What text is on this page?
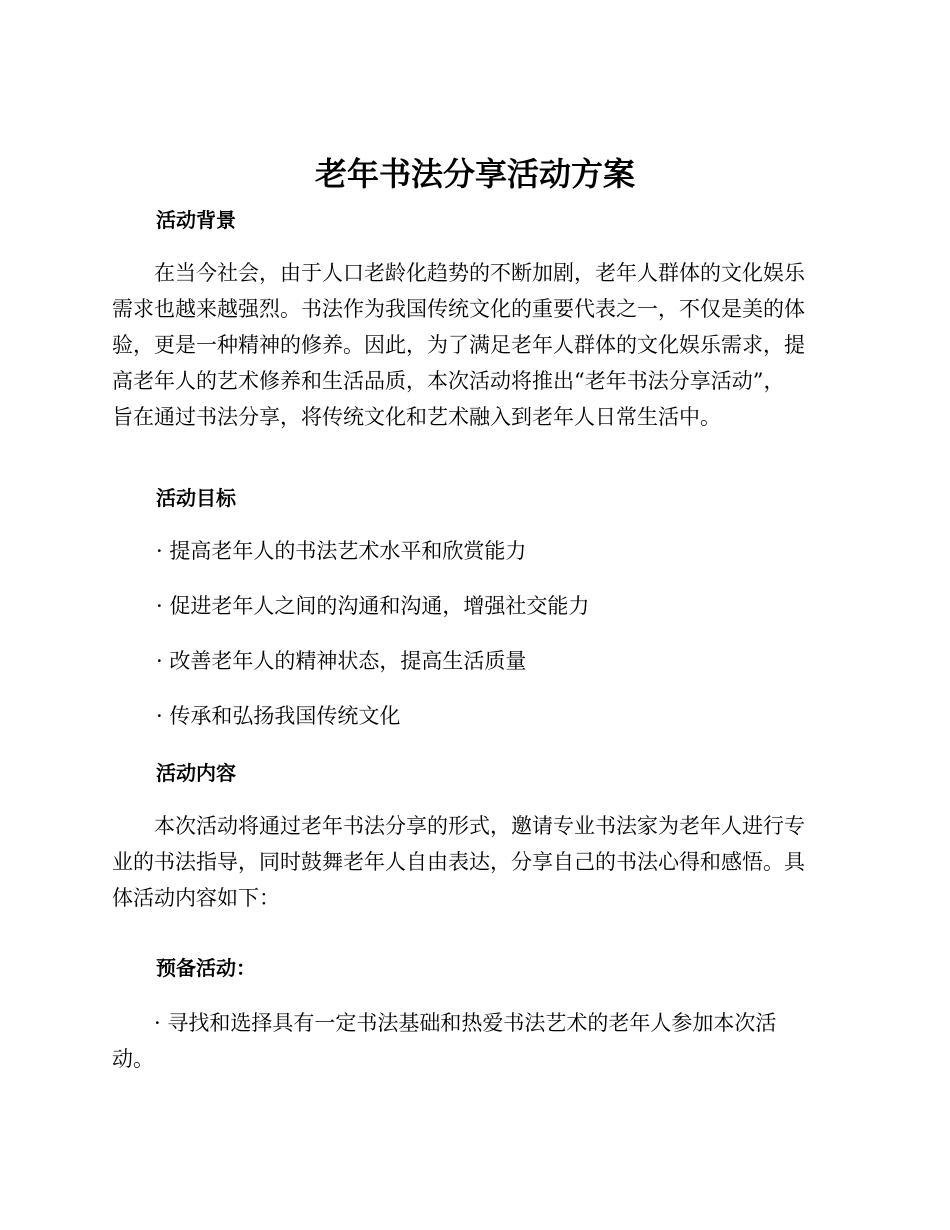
老年书法分享活动方案
活动背景
在当今社会，由于人口老龄化趋势的不断加剧，老年人群体的文化娱乐
需求也越来越强烈。书法作为我国传统文化的重要代表之一，不仅是美的体
验，更是一种精神的修养。因此，为了满足老年人群体的文化娱乐需求，提
高老年人的艺术修养和生活品质，本次活动将推出“老年书法分享活动”，
旨在通过书法分享，将传统文化和艺术融入到老年人日常生活中。
活动目标

· 提高老年人的书法艺术水平和欣赏能力

· 促进老年人之间的沟通和沟通，增强社交能力

· 改善老年人的精神状态，提高生活质量

· 传承和弘扬我国传统文化

活动内容
本次活动将通过老年书法分享的形式，邀请专业书法家为老年人进行专
业的书法指导，同时鼓舞老年人自由表达，分享自己的书法心得和感悟。具
体活动内容如下：
预备活动：
· 寻找和选择具有一定书法基础和热爱书法艺术的老年人参加本次活
动。
